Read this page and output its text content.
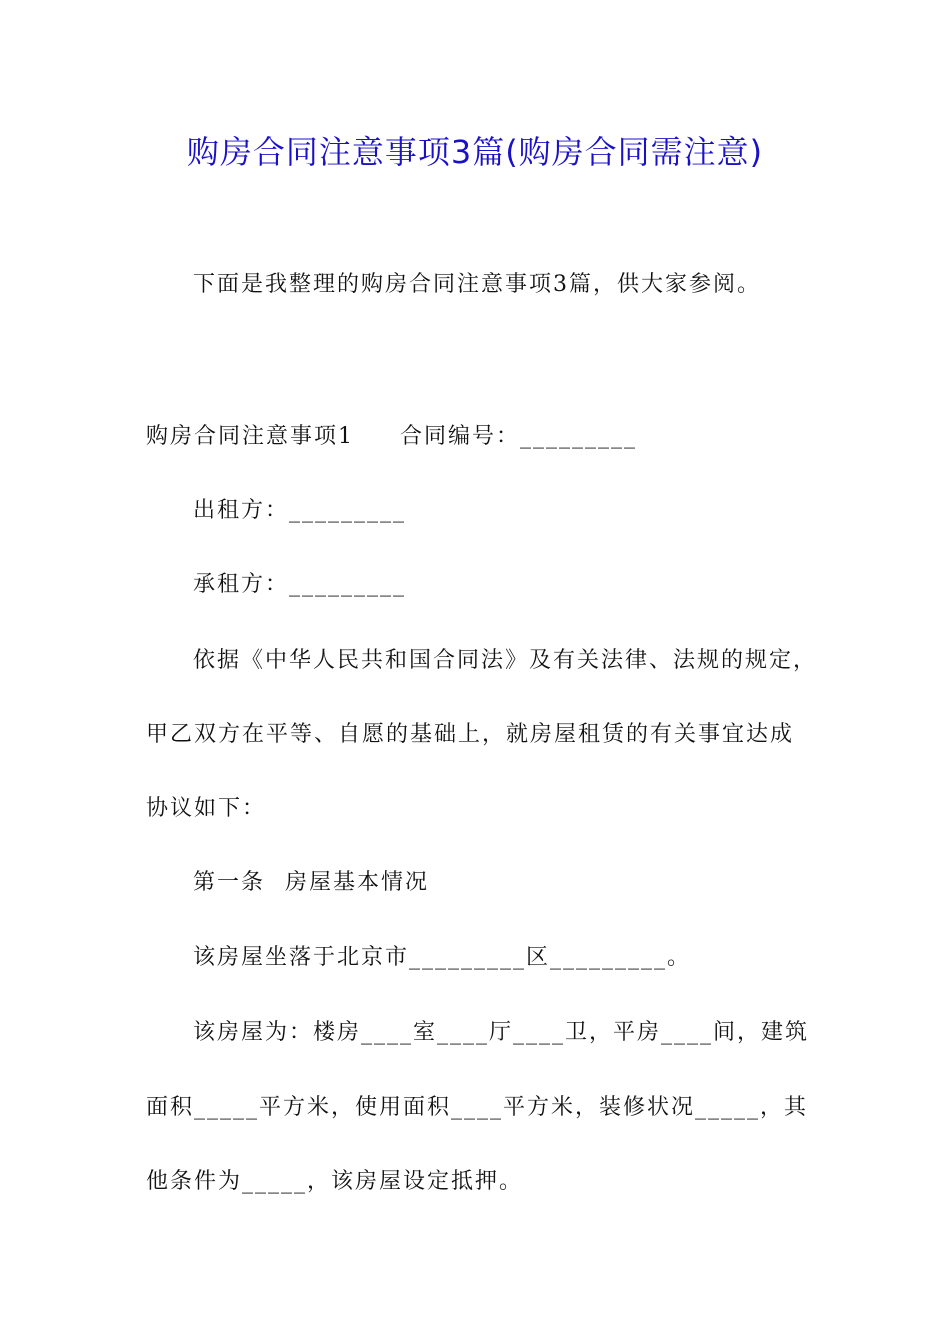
购房合同注意事项3篇(购房合同需注意)
下面是我整理的购房合同注意事项3篇，供大家参阅。
购房合同注意事项1 合同编号：_________
出租方：_________
承租方：_________
依据《中华人民共和国合同法》及有关法律、法规的规定，
甲乙双方在平等、自愿的基础上，就房屋租赁的有关事宜达成
协议如下：
第一条 房屋基本情况
该房屋坐落于北京市_________区_________。
该房屋为：楼房____室____厅____卫，平房____间，建筑
面积_____平方米，使用面积____平方米，装修状况_____，其
他条件为_____，该房屋设定抵押。
